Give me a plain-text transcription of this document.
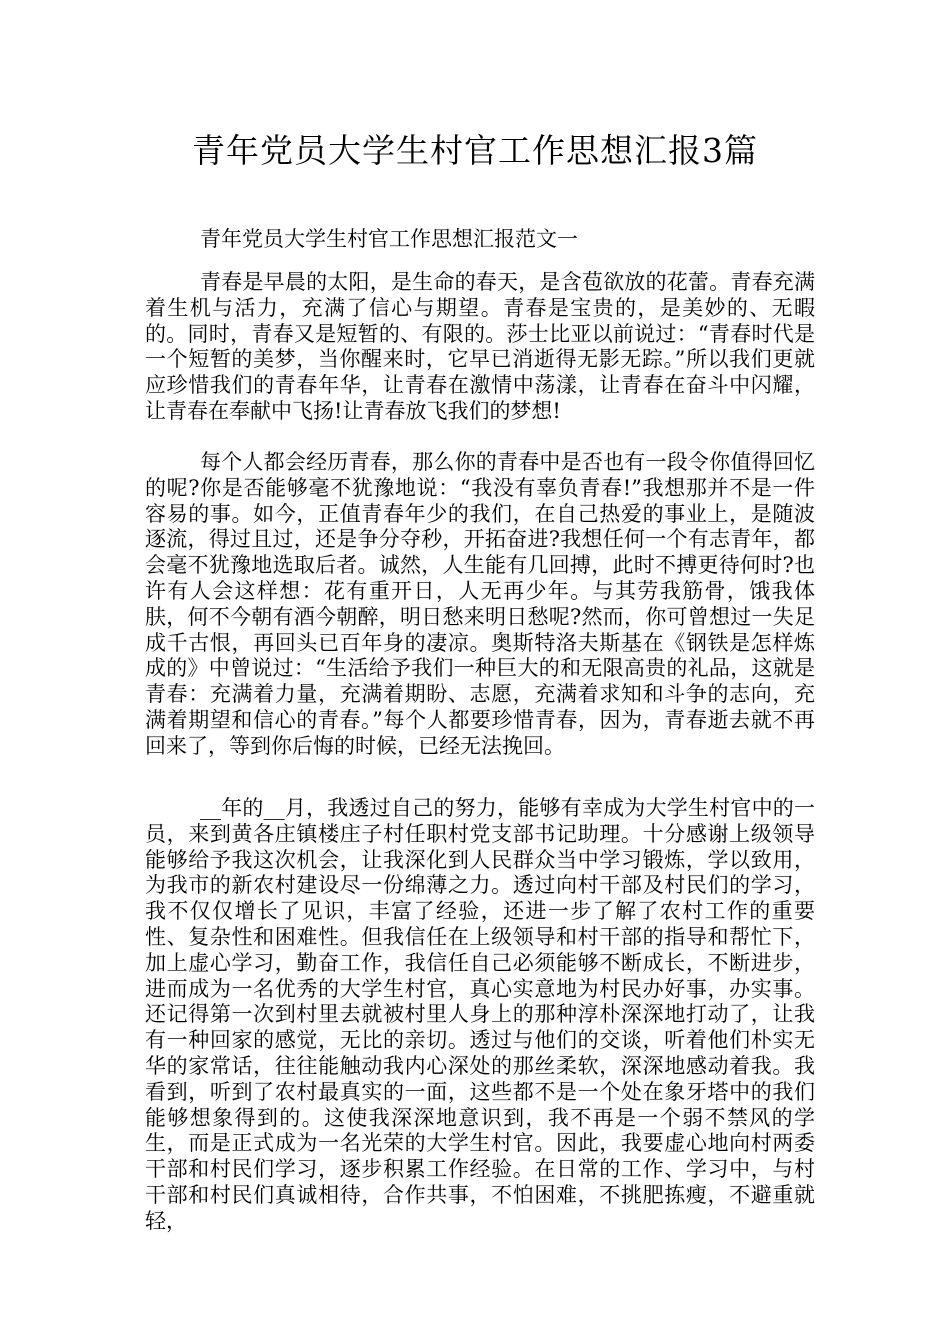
青年党员大学生村官工作思想汇报3篇

青年党员大学生村官工作思想汇报范文一

青春是早晨的太阳，是生命的春天，是含苞欲放的花蕾。青春充满着生机与活力，充满了信心与期望。青春是宝贵的，是美妙的、无暇的。同时，青春又是短暂的、有限的。莎士比亚以前说过：“青春时代是一个短暂的美梦，当你醒来时，它早已消逝得无影无踪。”所以我们更就应珍惜我们的青春年华，让青春在激情中荡漾，让青春在奋斗中闪耀，让青春在奉献中飞扬!让青春放飞我们的梦想!

每个人都会经历青春，那么你的青春中是否也有一段令你值得回忆的呢?你是否能够毫不犹豫地说：“我没有辜负青春!”我想那并不是一件容易的事。如今，正值青春年少的我们，在自己热爱的事业上，是随波逐流，得过且过，还是争分夺秒，开拓奋进?我想任何一个有志青年，都会毫不犹豫地选取后者。诚然，人生能有几回搏，此时不搏更待何时?也许有人会这样想：花有重开日，人无再少年。与其劳我筋骨，饿我体肤，何不今朝有酒今朝醉，明日愁来明日愁呢?然而，你可曾想过一失足成千古恨，再回头已百年身的凄凉。奥斯特洛夫斯基在《钢铁是怎样炼成的》中曾说过：“生活给予我们一种巨大的和无限高贵的礼品，这就是青春：充满着力量，充满着期盼、志愿，充满着求知和斗争的志向，充满着期望和信心的青春。”每个人都要珍惜青春，因为，青春逝去就不再回来了，等到你后悔的时候，已经无法挽回。

__年的__月，我透过自己的努力，能够有幸成为大学生村官中的一员，来到黄各庄镇楼庄子村任职村党支部书记助理。十分感谢上级领导能够给予我这次机会，让我深化到人民群众当中学习锻炼，学以致用，为我市的新农村建设尽一份绵薄之力。透过向村干部及村民们的学习，我不仅仅增长了见识，丰富了经验，还进一步了解了农村工作的重要性、复杂性和困难性。但我信任在上级领导和村干部的指导和帮忙下，加上虚心学习，勤奋工作，我信任自己必须能够不断成长，不断进步，进而成为一名优秀的大学生村官，真心实意地为村民办好事，办实事。还记得第一次到村里去就被村里人身上的那种淳朴深深地打动了，让我有一种回家的感觉，无比的亲切。透过与他们的交谈，听着他们朴实无华的家常话，往往能触动我内心深处的那丝柔软，深深地感动着我。我看到，听到了农村最真实的一面，这些都不是一个处在象牙塔中的我们能够想象得到的。这使我深深地意识到，我不再是一个弱不禁风的学生，而是正式成为一名光荣的大学生村官。因此，我要虚心地向村两委干部和村民们学习，逐步积累工作经验。在日常的工作、学习中，与村干部和村民们真诚相待，合作共事，不怕困难，不挑肥拣瘦，不避重就轻，
